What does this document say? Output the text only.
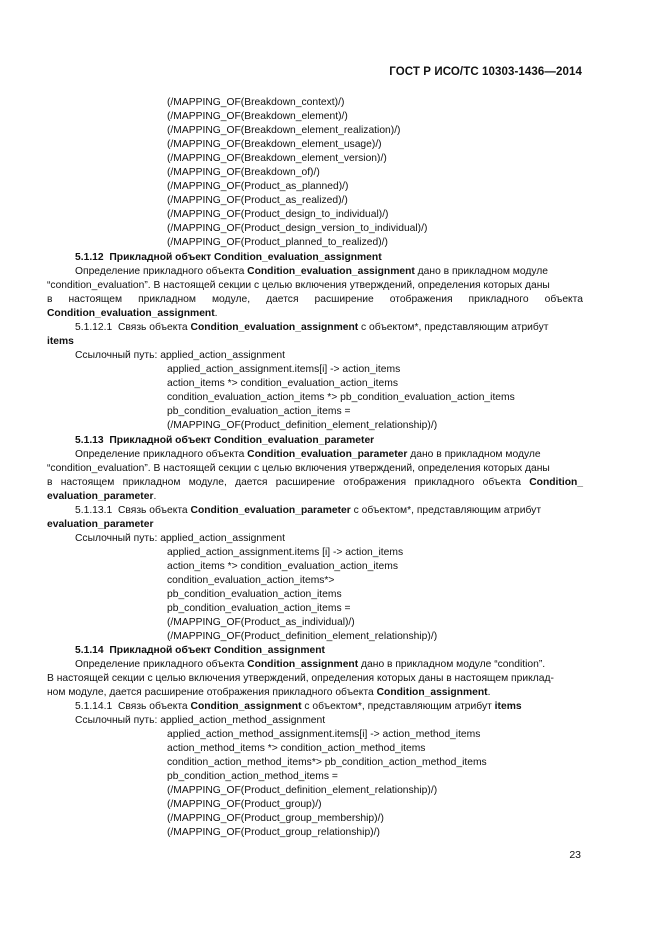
ГОСТ Р ИСО/ТС 10303-1436—2014
(/MAPPING_OF(Breakdown_context)/)
(/MAPPING_OF(Breakdown_element)/)
(/MAPPING_OF(Breakdown_element_realization)/)
(/MAPPING_OF(Breakdown_element_usage)/)
(/MAPPING_OF(Breakdown_element_version)/)
(/MAPPING_OF(Breakdown_of)/)
(/MAPPING_OF(Product_as_planned)/)
(/MAPPING_OF(Product_as_realized)/)
(/MAPPING_OF(Product_design_to_individual)/)
(/MAPPING_OF(Product_design_version_to_individual)/)
(/MAPPING_OF(Product_planned_to_realized)/)
5.1.12 Прикладной объект Condition_evaluation_assignment
Определение прикладного объекта Condition_evaluation_assignment дано в прикладном модуле
“condition_evaluation”. В настоящей секции с целью включения утверждений, определения которых даны
в настоящем прикладном модуле, дается расширение отображения прикладного объекта
Condition_evaluation_assignment.
5.1.12.1 Связь объекта Condition_evaluation_assignment с объектом*, представляющим атрибут
items
Ссылочный путь: applied_action_assignment
applied_action_assignment.items[i] -> action_items
action_items *> condition_evaluation_action_items
condition_evaluation_action_items *> pb_condition_evaluation_action_items
pb_condition_evaluation_action_items =
(/MAPPING_OF(Product_definition_element_relationship)/)
5.1.13 Прикладной объект Condition_evaluation_parameter
Определение прикладного объекта Condition_evaluation_parameter дано в прикладном модуле
“condition_evaluation”. В настоящей секции с целью включения утверждений, определения которых даны
в настоящем прикладном модуле, дается расширение отображения прикладного объекта Condition_
evaluation_parameter.
5.1.13.1 Связь объекта Condition_evaluation_parameter с объектом*, представляющим атрибут
evaluation_parameter
Ссылочный путь: applied_action_assignment
applied_action_assignment.items [i] -> action_items
action_items *> condition_evaluation_action_items
condition_evaluation_action_items*>
pb_condition_evaluation_action_items
pb_condition_evaluation_action_items =
(/MAPPING_OF(Product_as_individual)/)
(/MAPPING_OF(Product_definition_element_relationship)/)
5.1.14 Прикладной объект Condition_assignment
Определение прикладного объекта Condition_assignment дано в прикладном модуле “condition”.
В настоящей секции с целью включения утверждений, определения которых даны в настоящем приклад-
ном модуле, дается расширение отображения прикладного объекта Condition_assignment.
5.1.14.1 Связь объекта Condition_assignment с объектом*, представляющим атрибут items
Ссылочный путь: applied_action_method_assignment
applied_action_method_assignment.items[i] -> action_method_items
action_method_items *> condition_action_method_items
condition_action_method_items*> pb_condition_action_method_items
pb_condition_action_method_items =
(/MAPPING_OF(Product_definition_element_relationship)/)
(/MAPPING_OF(Product_group)/)
(/MAPPING_OF(Product_group_membership)/)
(/MAPPING_OF(Product_group_relationship)/)
23
